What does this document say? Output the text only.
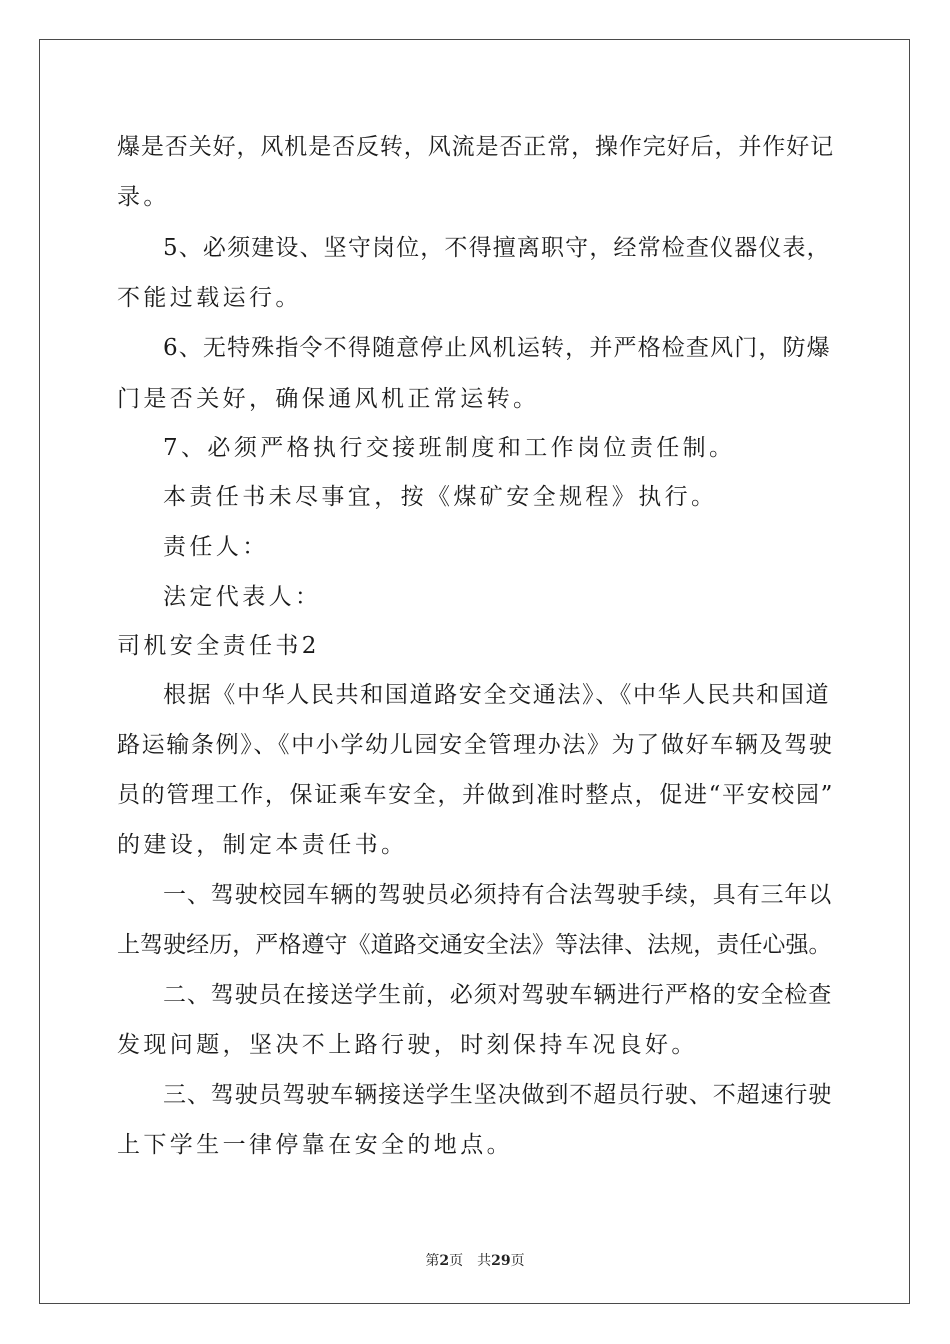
爆是否关好，风机是否反转，风流是否正常，操作完好后，并作好记
录。
5、必须建设、坚守岗位，不得擅离职守，经常检查仪器仪表，
不能过载运行。
6、无特殊指令不得随意停止风机运转，并严格检查风门，防爆
门是否关好，确保通风机正常运转。
7、必须严格执行交接班制度和工作岗位责任制。
本责任书未尽事宜，按《煤矿安全规程》执行。
责任人：
法定代表人：
司机安全责任书2
根据《中华人民共和国道路安全交通法》、《中华人民共和国道
路运输条例》、《中小学幼儿园安全管理办法》为了做好车辆及驾驶
员的管理工作，保证乘车安全，并做到准时整点，促进“平安校园”
的建设，制定本责任书。
一、驾驶校园车辆的驾驶员必须持有合法驾驶手续，具有三年以
上驾驶经历，严格遵守《道路交通安全法》等法律、法规，责任心强。
二、驾驶员在接送学生前，必须对驾驶车辆进行严格的安全检查
发现问题，坚决不上路行驶，时刻保持车况良好。
三、驾驶员驾驶车辆接送学生坚决做到不超员行驶、不超速行驶
上下学生一律停靠在安全的地点。
第2页　共29页
